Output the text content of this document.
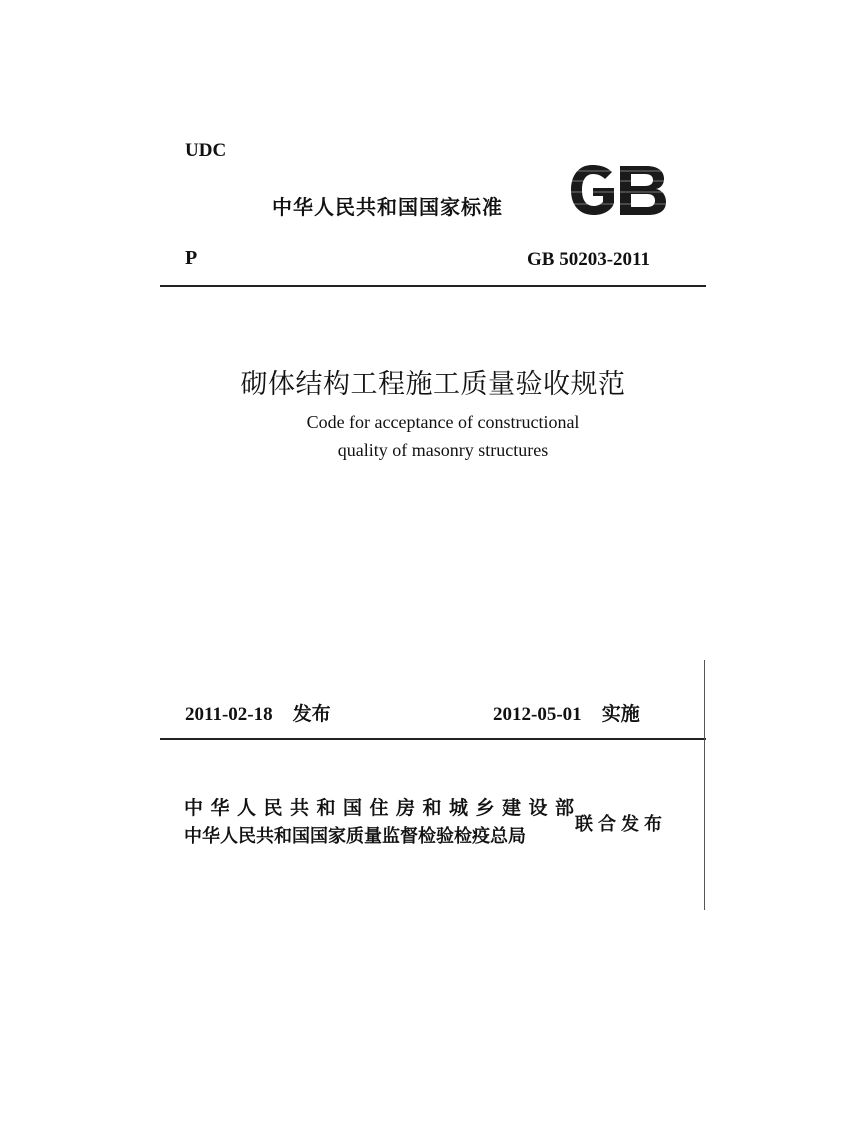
UDC
中华人民共和国国家标准
P	GB 50203-2011
砌体结构工程施工质量验收规范
Code for acceptance of constructional
quality of masonry structures
2011-02-18 发布	2012-05-01 实施
中华人民共和国住房和城乡建设部
中华人民共和国国家质量监督检验检疫总局
联合发布
